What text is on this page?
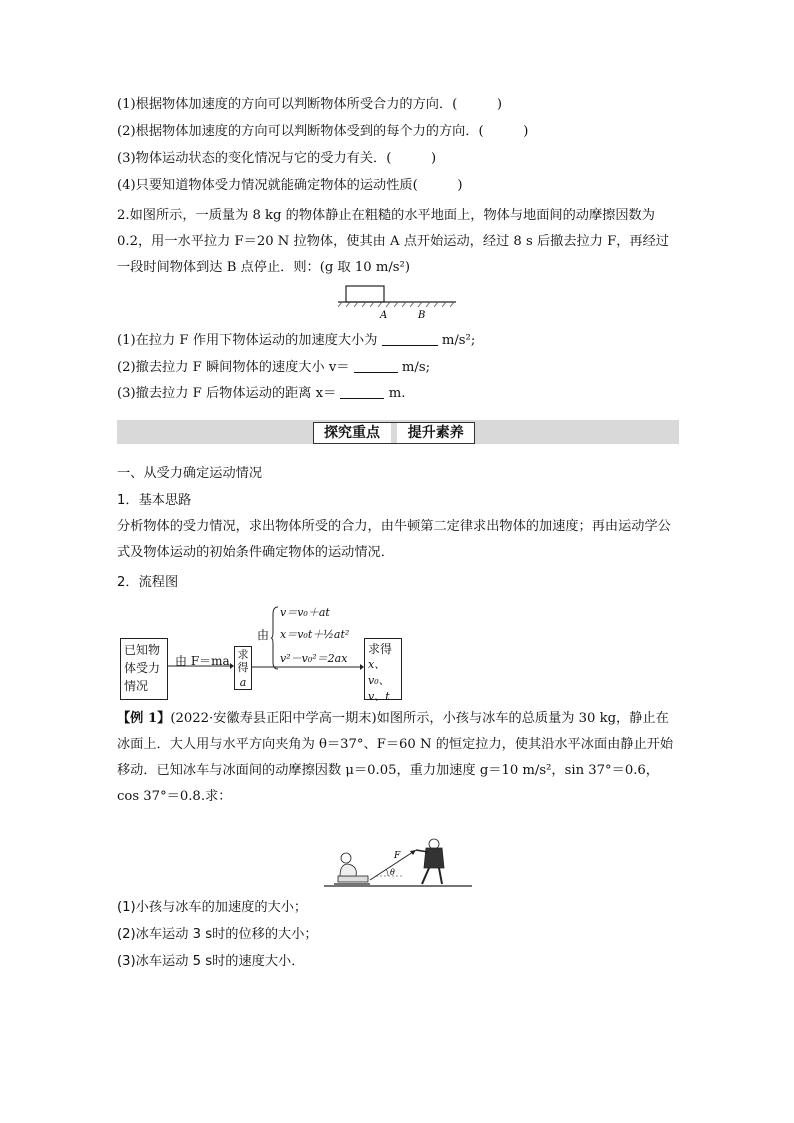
(1)根据物体加速度的方向可以判断物体所受合力的方向．(　　　)
(2)根据物体加速度的方向可以判断物体受到的每个力的方向．(　　　)
(3)物体运动状态的变化情况与它的受力有关．(　　　)
(4)只要知道物体受力情况就能确定物体的运动性质(　　　)
2.如图所示，一质量为 8 kg 的物体静止在粗糙的水平地面上，物体与地面间的动摩擦因数为 0.2，用一水平拉力 F＝20 N 拉物体，使其由 A 点开始运动，经过 8 s 后撤去拉力 F，再经过一段时间物体到达 B 点停止．则：(g 取 10 m/s²)
A	B
(1)在拉力 F 作用下物体运动的加速度大小为	m/s²;
(2)撤去拉力 F 瞬间物体的速度大小 v＝	m/s;
(3)撤去拉力 F 后物体运动的距离 x＝	m.
探究重点 提升素养
一、从受力确定运动情况
1．基本思路
分析物体的受力情况，求出物体所受的合力，由牛顿第二定律求出物体的加速度；再由运动学公式及物体运动的初始条件确定物体的运动情况．
2．流程图
已知物体受力情况
由 F＝ma 求得
a
由
v＝v₀＋at
x＝v₀t＋½at²
v²－v₀²＝2ax
求得
x、v₀、
v、t
【例 1】(2022·安徽寿县正阳中学高一期末)如图所示，小孩与冰车的总质量为 30 kg，静止在冰面上．大人用与水平方向夹角为 θ＝37°、F＝60 N 的恒定拉力，使其沿水平冰面由静止开始移动．已知冰车与冰面间的动摩擦因数 μ＝0.05，重力加速度 g＝10 m/s²，sin 37°＝0.6，cos 37°＝0.8.求：
F
θ
(1)小孩与冰车的加速度的大小；
(2)冰车运动 3 s时的位移的大小；
(3)冰车运动 5 s时的速度大小．
